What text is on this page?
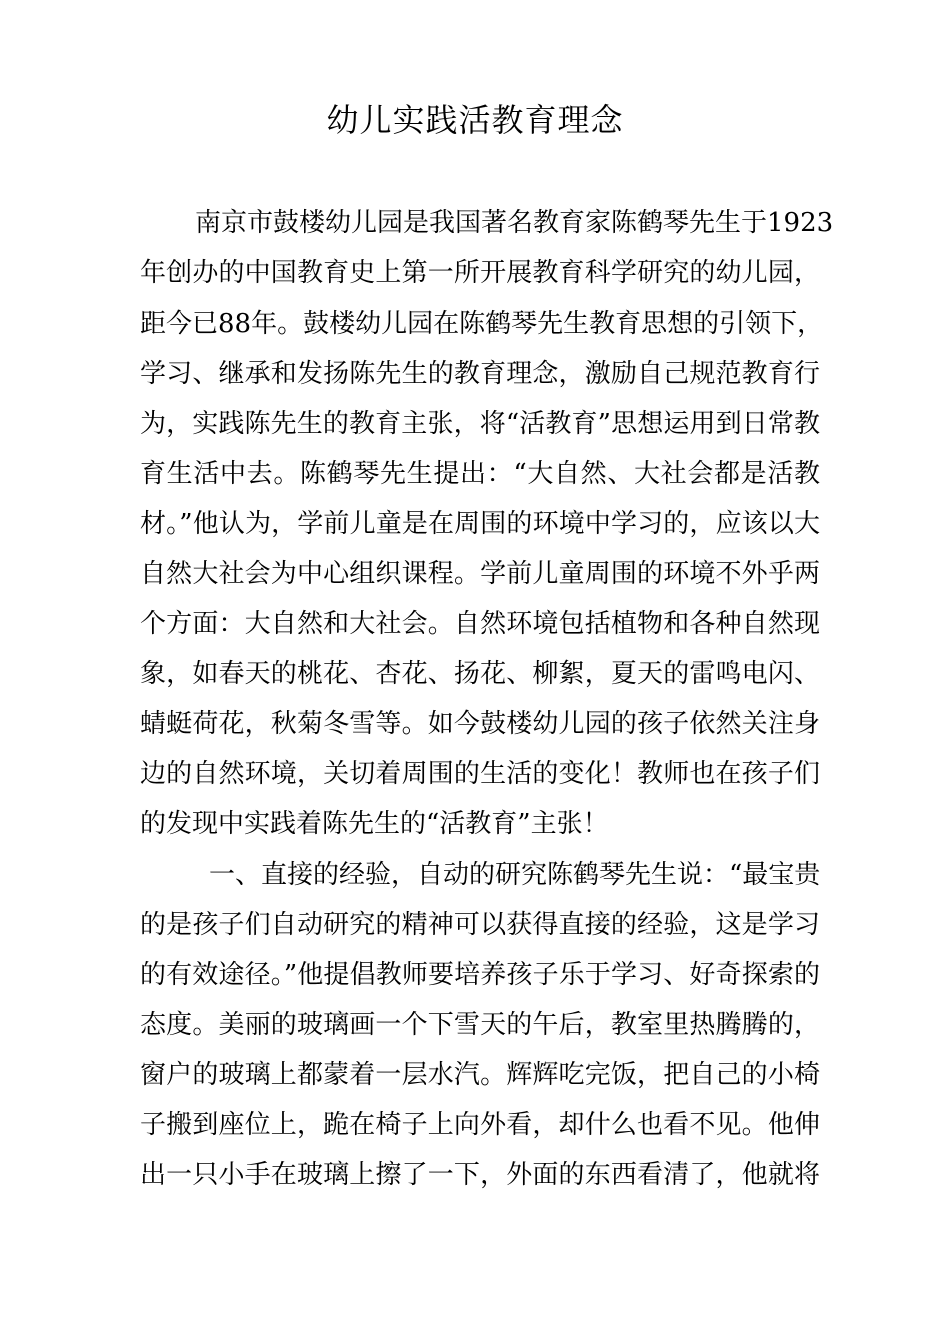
幼儿实践活教育理念
南京市鼓楼幼儿园是我国著名教育家陈鹤琴先生于1923
年创办的中国教育史上第一所开展教育科学研究的幼儿园，
距今已88年。鼓楼幼儿园在陈鹤琴先生教育思想的引领下，
学习、继承和发扬陈先生的教育理念，激励自己规范教育行
为，实践陈先生的教育主张，将“活教育”思想运用到日常教
育生活中去。陈鹤琴先生提出：“大自然、大社会都是活教
材。”他认为，学前儿童是在周围的环境中学习的，应该以大
自然大社会为中心组织课程。学前儿童周围的环境不外乎两
个方面：大自然和大社会。自然环境包括植物和各种自然现
象，如春天的桃花、杏花、扬花、柳絮，夏天的雷鸣电闪、
蜻蜓荷花，秋菊冬雪等。如今鼓楼幼儿园的孩子依然关注身
边的自然环境，关切着周围的生活的变化！教师也在孩子们
的发现中实践着陈先生的“活教育”主张！
一、直接的经验，自动的研究陈鹤琴先生说：“最宝贵
的是孩子们自动研究的精神可以获得直接的经验，这是学习
的有效途径。”他提倡教师要培养孩子乐于学习、好奇探索的
态度。美丽的玻璃画一个下雪天的午后，教室里热腾腾的，
窗户的玻璃上都蒙着一层水汽。辉辉吃完饭，把自己的小椅
子搬到座位上，跪在椅子上向外看，却什么也看不见。他伸
出一只小手在玻璃上擦了一下，外面的东西看清了，他就将
